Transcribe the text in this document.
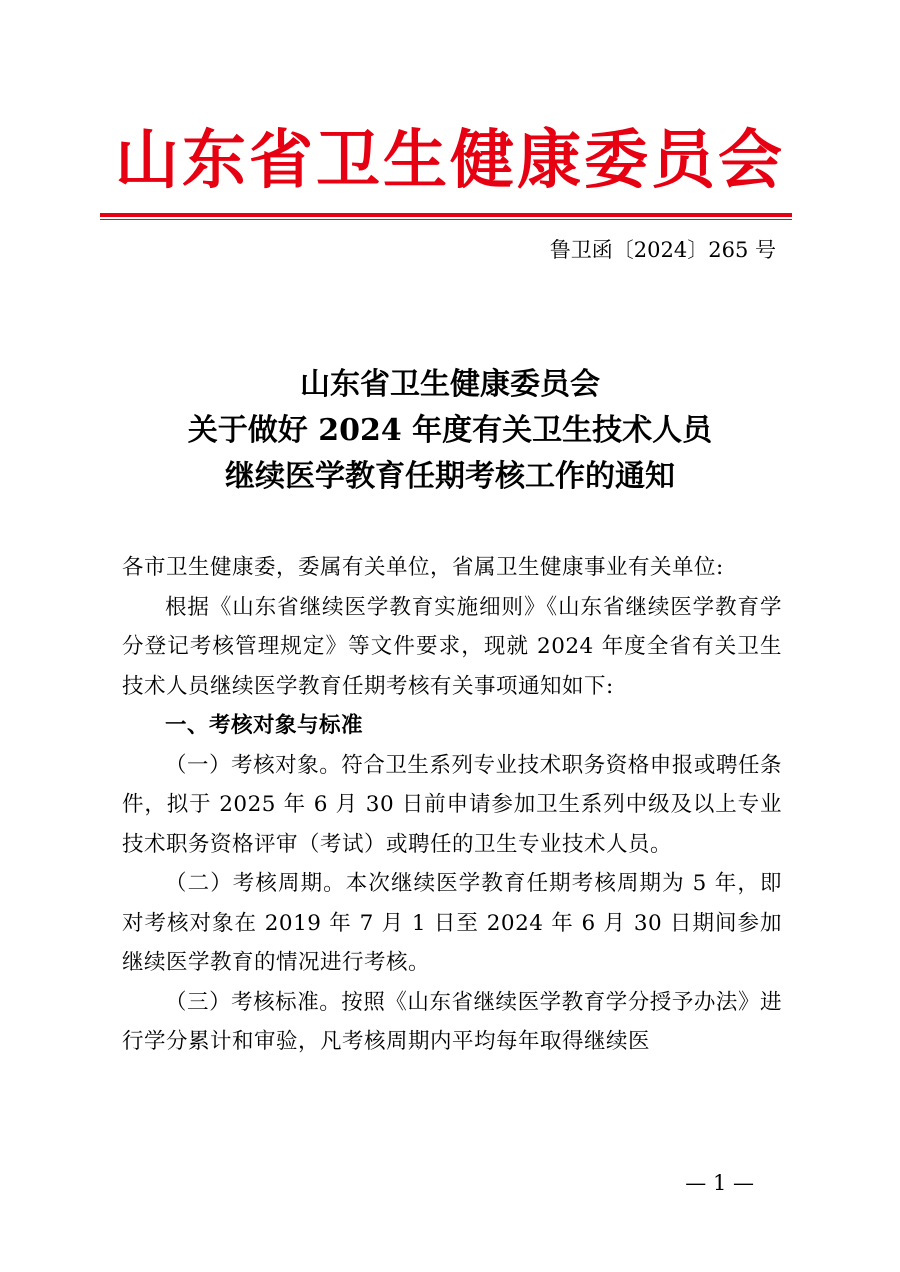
山东省卫生健康委员会
鲁卫函〔2024〕265 号
山东省卫生健康委员会
关于做好 2024 年度有关卫生技术人员
继续医学教育任期考核工作的通知

各市卫生健康委，委属有关单位，省属卫生健康事业有关单位:

根据《山东省继续医学教育实施细则》《山东省继续医学教育学分登记考核管理规定》等文件要求，现就 2024 年度全省有关卫生技术人员继续医学教育任期考核有关事项通知如下:

一、考核对象与标准

（一）考核对象。符合卫生系列专业技术职务资格申报或聘任条件，拟于 2025 年 6 月 30 日前申请参加卫生系列中级及以上专业技术职务资格评审（考试）或聘任的卫生专业技术人员。

（二）考核周期。本次继续医学教育任期考核周期为 5 年，即对考核对象在 2019 年 7 月 1 日至 2024 年 6 月 30 日期间参加继续医学教育的情况进行考核。

（三）考核标准。按照《山东省继续医学教育学分授予办法》进行学分累计和审验，凡考核周期内平均每年取得继续医

— 1 —
